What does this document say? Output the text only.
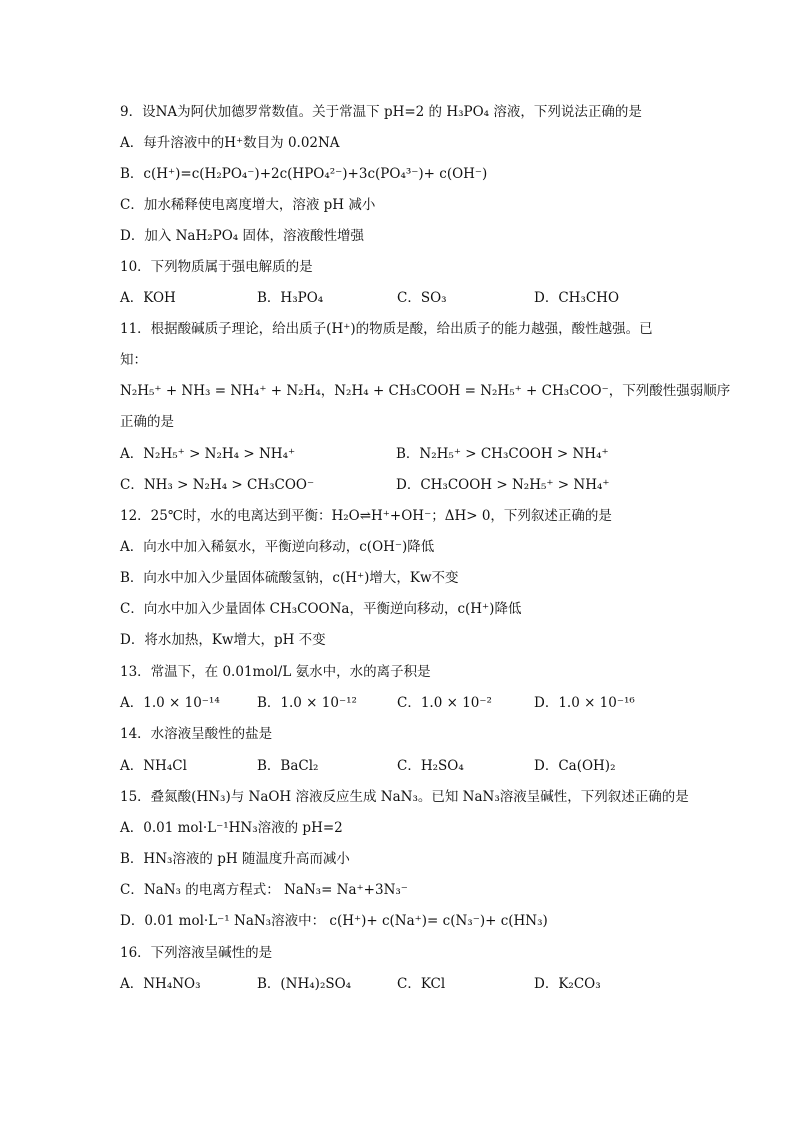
9．设NA为阿伏加德罗常数值。关于常温下 pH=2 的 H₃PO₄ 溶液，下列说法正确的是
A．每升溶液中的H⁺数目为 0.02NA
B．c(H⁺)=c(H₂PO₄⁻)+2c(HPO₄²⁻)+3c(PO₄³⁻)+ c(OH⁻)
C．加水稀释使电离度增大，溶液 pH 减小
D．加入 NaH₂PO₄ 固体，溶液酸性增强
10．下列物质属于强电解质的是
A．KOH	B．H₃PO₄	C．SO₃	D．CH₃CHO
11．根据酸碱质子理论，给出质子(H⁺)的物质是酸，给出质子的能力越强，酸性越强。已
知：
N₂H₅⁺ + NH₃ = NH₄⁺ + N₂H₄，N₂H₄ + CH₃COOH = N₂H₅⁺ + CH₃COO⁻，下列酸性强弱顺序
正确的是
A．N₂H₅⁺ > N₂H₄ > NH₄⁺	B．N₂H₅⁺ > CH₃COOH > NH₄⁺
C．NH₃ > N₂H₄ > CH₃COO⁻	D．CH₃COOH > N₂H₅⁺ > NH₄⁺
12．25℃时，水的电离达到平衡：H₂O⇌H⁺+OH⁻；ΔH> 0，下列叙述正确的是
A．向水中加入稀氨水，平衡逆向移动，c(OH⁻)降低
B．向水中加入少量固体硫酸氢钠，c(H⁺)增大，Kw不变
C．向水中加入少量固体 CH₃COONa，平衡逆向移动，c(H⁺)降低
D．将水加热，Kw增大，pH 不变
13．常温下，在 0.01mol/L 氨水中，水的离子积是
A．1.0 × 10⁻¹⁴	B．1.0 × 10⁻¹²	C．1.0 × 10⁻²	D．1.0 × 10⁻¹⁶
14．水溶液呈酸性的盐是
A．NH₄Cl	B．BaCl₂	C．H₂SO₄	D．Ca(OH)₂
15．叠氮酸(HN₃)与 NaOH 溶液反应生成 NaN₃。已知 NaN₃溶液呈碱性，下列叙述正确的是
A．0.01 mol·L⁻¹HN₃溶液的 pH=2
B．HN₃溶液的 pH 随温度升高而减小
C．NaN₃ 的电离方程式： NaN₃= Na⁺+3N₃⁻
D．0.01 mol·L⁻¹ NaN₃溶液中： c(H⁺)+ c(Na⁺)= c(N₃⁻)+ c(HN₃)
16．下列溶液呈碱性的是
A．NH₄NO₃	B．(NH₄)₂SO₄	C．KCl	D．K₂CO₃
